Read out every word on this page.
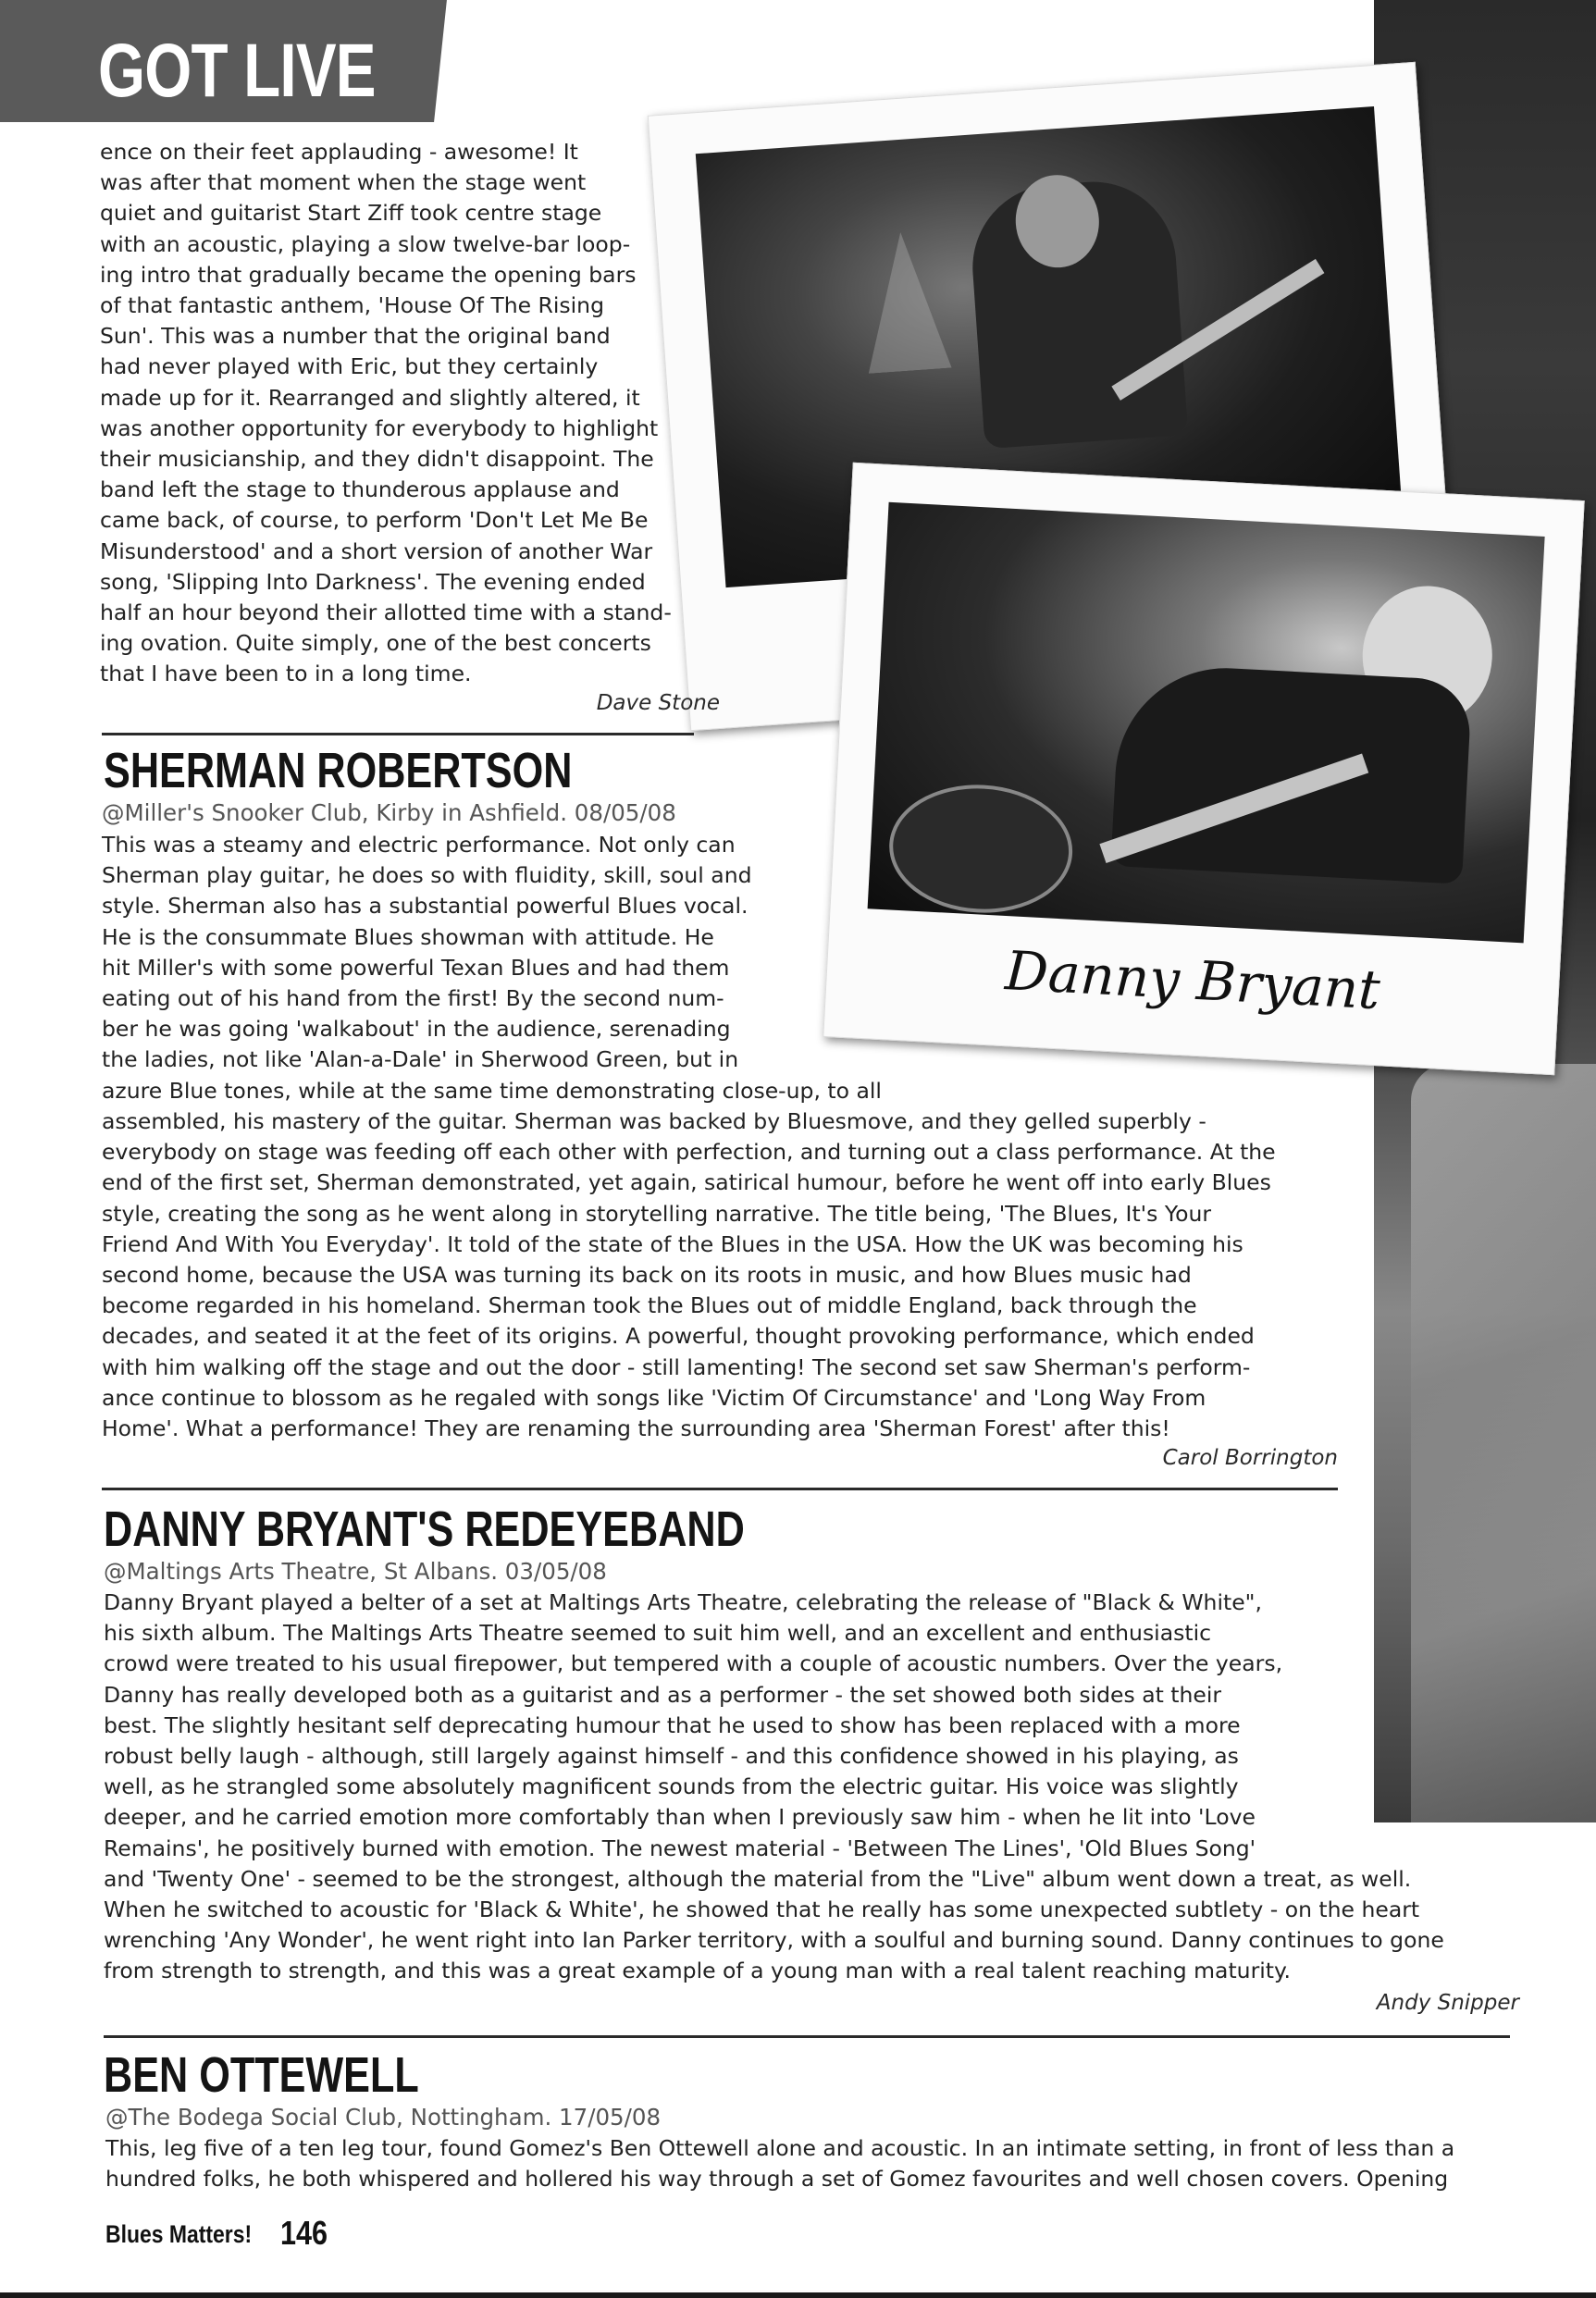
GOT LIVE
Danny Bryant

ence on their feet applauding - awesome! It

was after that moment when the stage went

quiet and guitarist Start Ziff took centre stage

with an acoustic, playing a slow twelve-bar loop-

ing intro that gradually became the opening bars

of that fantastic anthem, 'House Of The Rising

Sun'. This was a number that the original band

had never played with Eric, but they certainly

made up for it. Rearranged and slightly altered, it

was another opportunity for everybody to highlight

their musicianship, and they didn't disappoint. The

band left the stage to thunderous applause and

came back, of course, to perform 'Don't Let Me Be

Misunderstood' and a short version of another War

song, 'Slipping Into Darkness'. The evening ended

half an hour beyond their allotted time with a stand-

ing ovation. Quite simply, one of the best concerts

that I have been to in a long time.

Dave Stone
SHERMAN ROBERTSON
@Miller's Snooker Club, Kirby in Ashfield. 08/05/08

This was a steamy and electric performance. Not only can

Sherman play guitar, he does so with fluidity, skill, soul and

style. Sherman also has a substantial powerful Blues vocal.

He is the consummate Blues showman with attitude. He

hit Miller's with some powerful Texan Blues and had them

eating out of his hand from the first! By the second num-

ber he was going 'walkabout' in the audience, serenading

the ladies, not like 'Alan-a-Dale' in Sherwood Green, but in

azure Blue tones, while at the same time demonstrating close-up, to all

assembled, his mastery of the guitar. Sherman was backed by Bluesmove, and they gelled superbly -

everybody on stage was feeding off each other with perfection, and turning out a class performance. At the

end of the first set, Sherman demonstrated, yet again, satirical humour, before he went off into early Blues

style, creating the song as he went along in storytelling narrative. The title being, 'The Blues, It's Your

Friend And With You Everyday'. It told of the state of the Blues in the USA. How the UK was becoming his

second home, because the USA was turning its back on its roots in music, and how Blues music had

become regarded in his homeland. Sherman took the Blues out of middle England, back through the

decades, and seated it at the feet of its origins. A powerful, thought provoking performance, which ended

with him walking off the stage and out the door - still lamenting! The second set saw Sherman's perform-

ance continue to blossom as he regaled with songs like 'Victim Of Circumstance' and 'Long Way From

Home'. What a performance! They are renaming the surrounding area 'Sherman Forest' after this!

Carol Borrington
DANNY BRYANT'S REDEYEBAND
@Maltings Arts Theatre, St Albans. 03/05/08

Danny Bryant played a belter of a set at Maltings Arts Theatre, celebrating the release of "Black & White",

his sixth album. The Maltings Arts Theatre seemed to suit him well, and an excellent and enthusiastic

crowd were treated to his usual firepower, but tempered with a couple of acoustic numbers. Over the years,

Danny has really developed both as a guitarist and as a performer - the set showed both sides at their

best. The slightly hesitant self deprecating humour that he used to show has been replaced with a more

robust belly laugh - although, still largely against himself - and this confidence showed in his playing, as

well, as he strangled some absolutely magnificent sounds from the electric guitar. His voice was slightly

deeper, and he carried emotion more comfortably than when I previously saw him - when he lit into 'Love

Remains', he positively burned with emotion. The newest material - 'Between The Lines', 'Old Blues Song'

and 'Twenty One' - seemed to be the strongest, although the material from the "Live" album went down a treat, as well.

When he switched to acoustic for 'Black & White', he showed that he really has some unexpected subtlety - on the heart

wrenching 'Any Wonder', he went right into Ian Parker territory, with a soulful and burning sound. Danny continues to gone

from strength to strength, and this was a great example of a young man with a real talent reaching maturity.

Andy Snipper
BEN OTTEWELL
@The Bodega Social Club, Nottingham. 17/05/08

This, leg five of a ten leg tour, found Gomez's Ben Ottewell alone and acoustic. In an intimate setting, in front of less than a

hundred folks, he both whispered and hollered his way through a set of Gomez favourites and well chosen covers. Opening

Blues Matters! 146
